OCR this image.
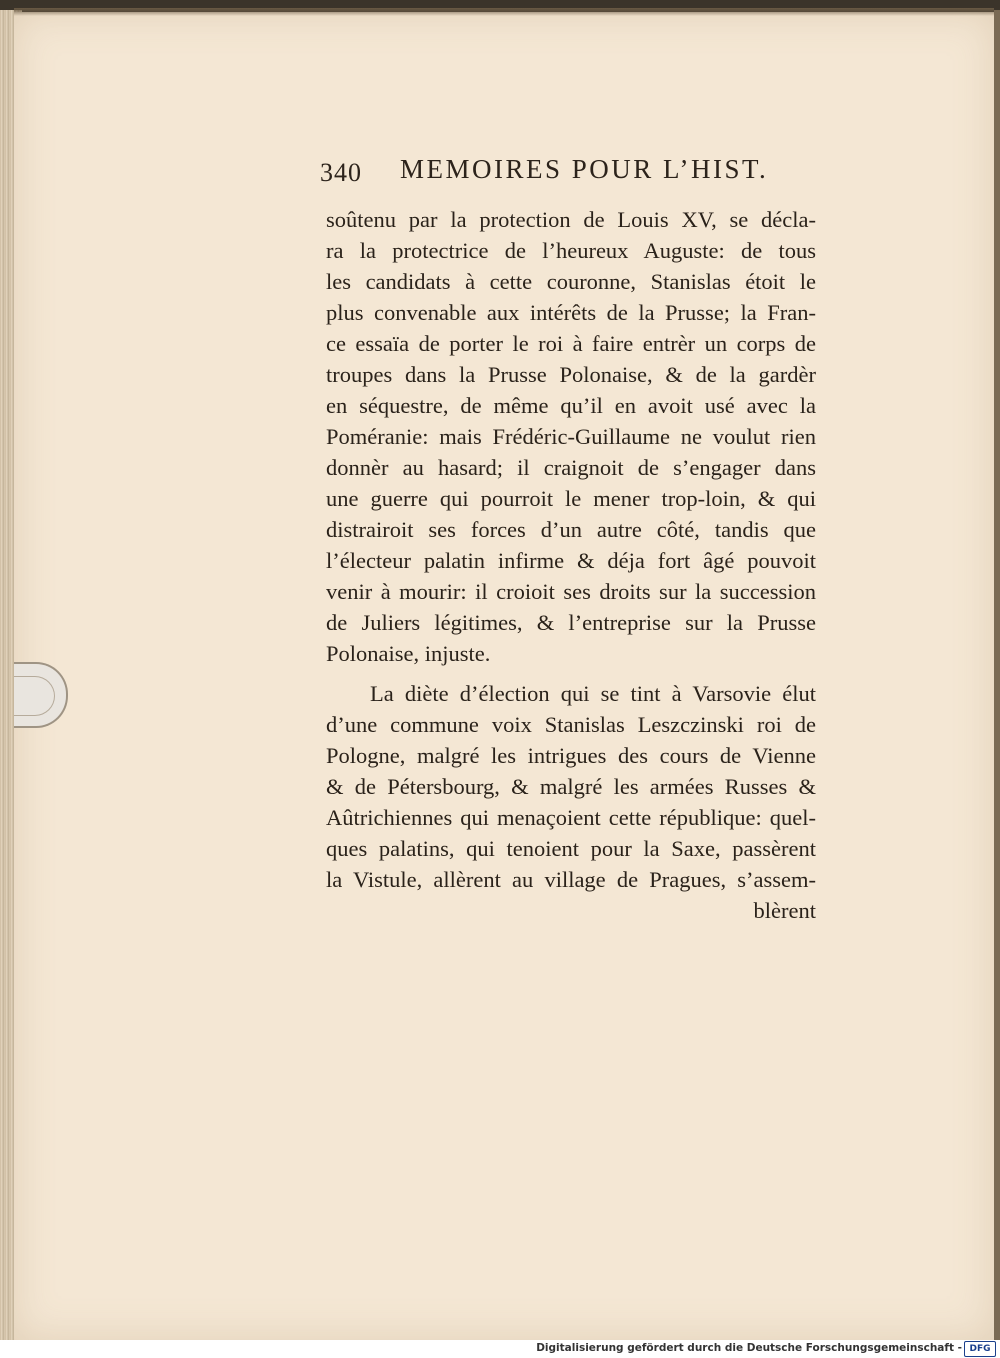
340 MEMOIRES POUR L’HIST.
soûtenu par la protection de Louis XV, se décla-
ra la protectrice de l’heureux Auguste: de tous
les candidats à cette couronne, Stanislas étoit le
plus convenable aux intérêts de la Prusse; la Fran-
ce essaïa de porter le roi à faire entrèr un corps de
troupes dans la Prusse Polonaise, & de la gardèr
en séquestre, de même qu’il en avoit usé avec la
Poméranie: mais Frédéric-Guillaume ne voulut rien
donnèr au hasard; il craignoit de s’engager dans
une guerre qui pourroit le mener trop-loin, & qui
distrairoit ses forces d’un autre côté, tandis que
l’électeur palatin infirme & déja fort âgé pouvoit
venir à mourir: il croioit ses droits sur la succession
de Juliers légitimes, & l’entreprise sur la Prusse
Polonaise, injuste.
La diète d’élection qui se tint à Varsovie élut
d’une commune voix Stanislas Leszczinski roi de
Pologne, malgré les intrigues des cours de Vienne
& de Pétersbourg, & malgré les armées Russes &
Aûtrichiennes qui menaçoient cette république: quel-
ques palatins, qui tenoient pour la Saxe, passèrent
la Vistule, allèrent au village de Pragues, s’assem-
blèrent
Digitalisierung gefördert durch die Deutsche Forschungsgemeinschaft - DFG
